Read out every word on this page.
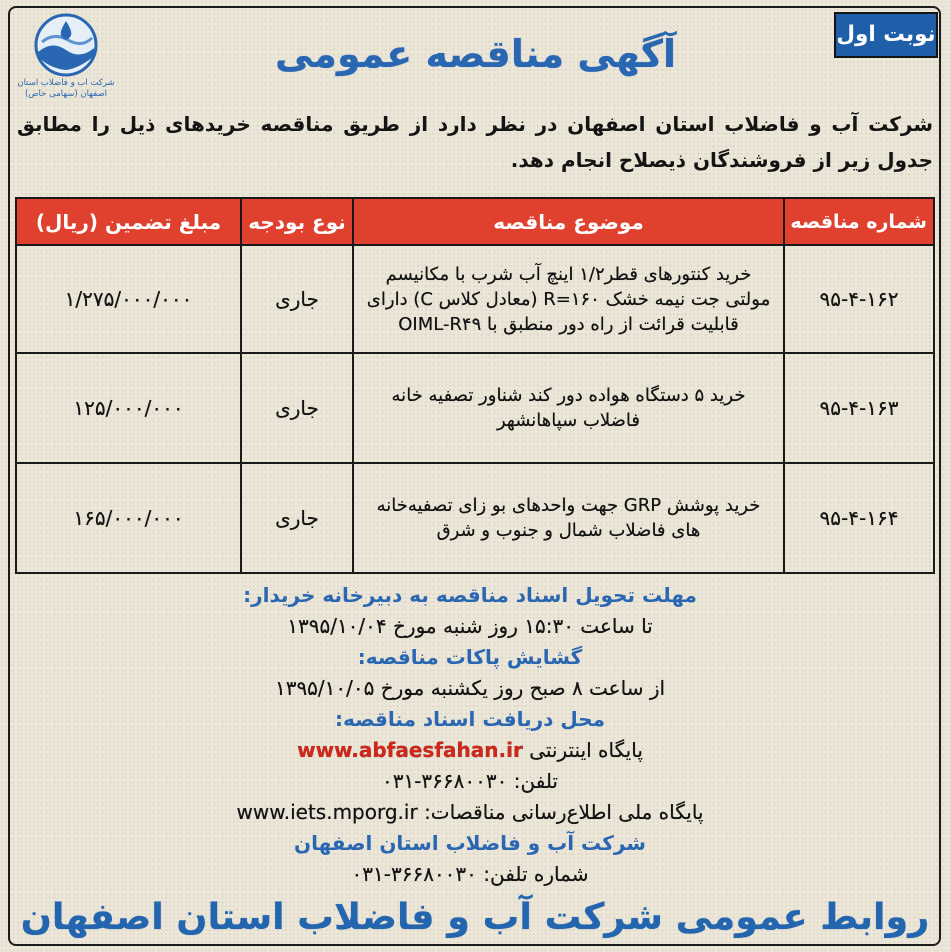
نوبت اول
شرکت آب و فاضلاب استان
اصفهان (سهامی خاص)
آگهی مناقصه عمومی

شرکت آب و فاضلاب استان اصفهان در نظر دارد از طریق مناقصه خریدهای ذیل را مطابق جدول زیر از فروشندگان ذیصلاح انجام دهد.

شماره مناقصه	موضوع مناقصه	نوع بودجه	مبلغ تضمین (ریال)
۹۵-۴-۱۶۲	خرید کنتورهای قطر۱/۲ اینچ آب شرب با مکانیسم مولتی جت نیمه خشک R=۱۶۰ (معادل کلاس C) دارای قابلیت قرائت از راه دور منطبق با OIML-R۴۹	جاری	۱/۲۷۵/۰۰۰/۰۰۰
۹۵-۴-۱۶۳	خرید ۵ دستگاه هواده دور کند شناور تصفیه خانه فاضلاب سپاهانشهر	جاری	۱۲۵/۰۰۰/۰۰۰
۹۵-۴-۱۶۴	خرید پوشش GRP جهت واحدهای بو زای تصفیه‌خانه های فاضلاب شمال و جنوب و شرق	جاری	۱۶۵/۰۰۰/۰۰۰
مهلت تحویل اسناد مناقصه به دبیرخانه خریدار:
تا ساعت ۱۵:۳۰ روز شنبه مورخ ۱۳۹۵/۱۰/۰۴
گشایش پاکات مناقصه:
از ساعت ۸ صبح روز یکشنبه مورخ ۱۳۹۵/۱۰/۰۵
محل دریافت اسناد مناقصه:
پایگاه اینترنتی www.abfaesfahan.ir
تلفن: ۰۳۱-۳۶۶۸۰۰۳۰
پایگاه ملی اطلاع‌رسانی مناقصات: www.iets.mporg.ir
شرکت آب و فاضلاب استان اصفهان
شماره تلفن: ۰۳۱-۳۶۶۸۰۰۳۰
روابط عمومی شرکت آب و فاضلاب استان اصفهان
